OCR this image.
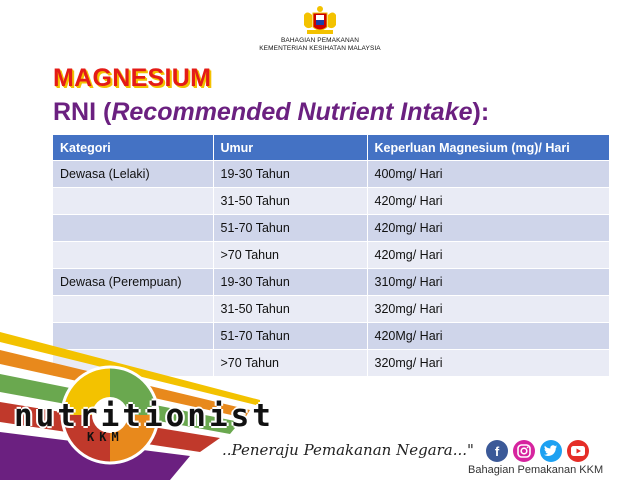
BAHAGIAN PEMAKANAN
KEMENTERIAN KESIHATAN MALAYSIA
MAGNESIUM
RNI (Recommended Nutrient Intake):
Kategori	Umur	Keperluan Magnesium (mg)/ Hari
Dewasa (Lelaki)	19-30 Tahun	400mg/ Hari
	31-50 Tahun	420mg/ Hari
	51-70 Tahun	420mg/ Hari
	>70 Tahun	420mg/ Hari
Dewasa (Perempuan)	19-30 Tahun	310mg/ Hari
	31-50 Tahun	320mg/ Hari
	51-70 Tahun	420Mg/ Hari
	>70 Tahun	320mg/ Hari
nutritionist
KKM
..Peneraju Pemakanan Negara..."	f
Bahagian Pemakanan KKM
